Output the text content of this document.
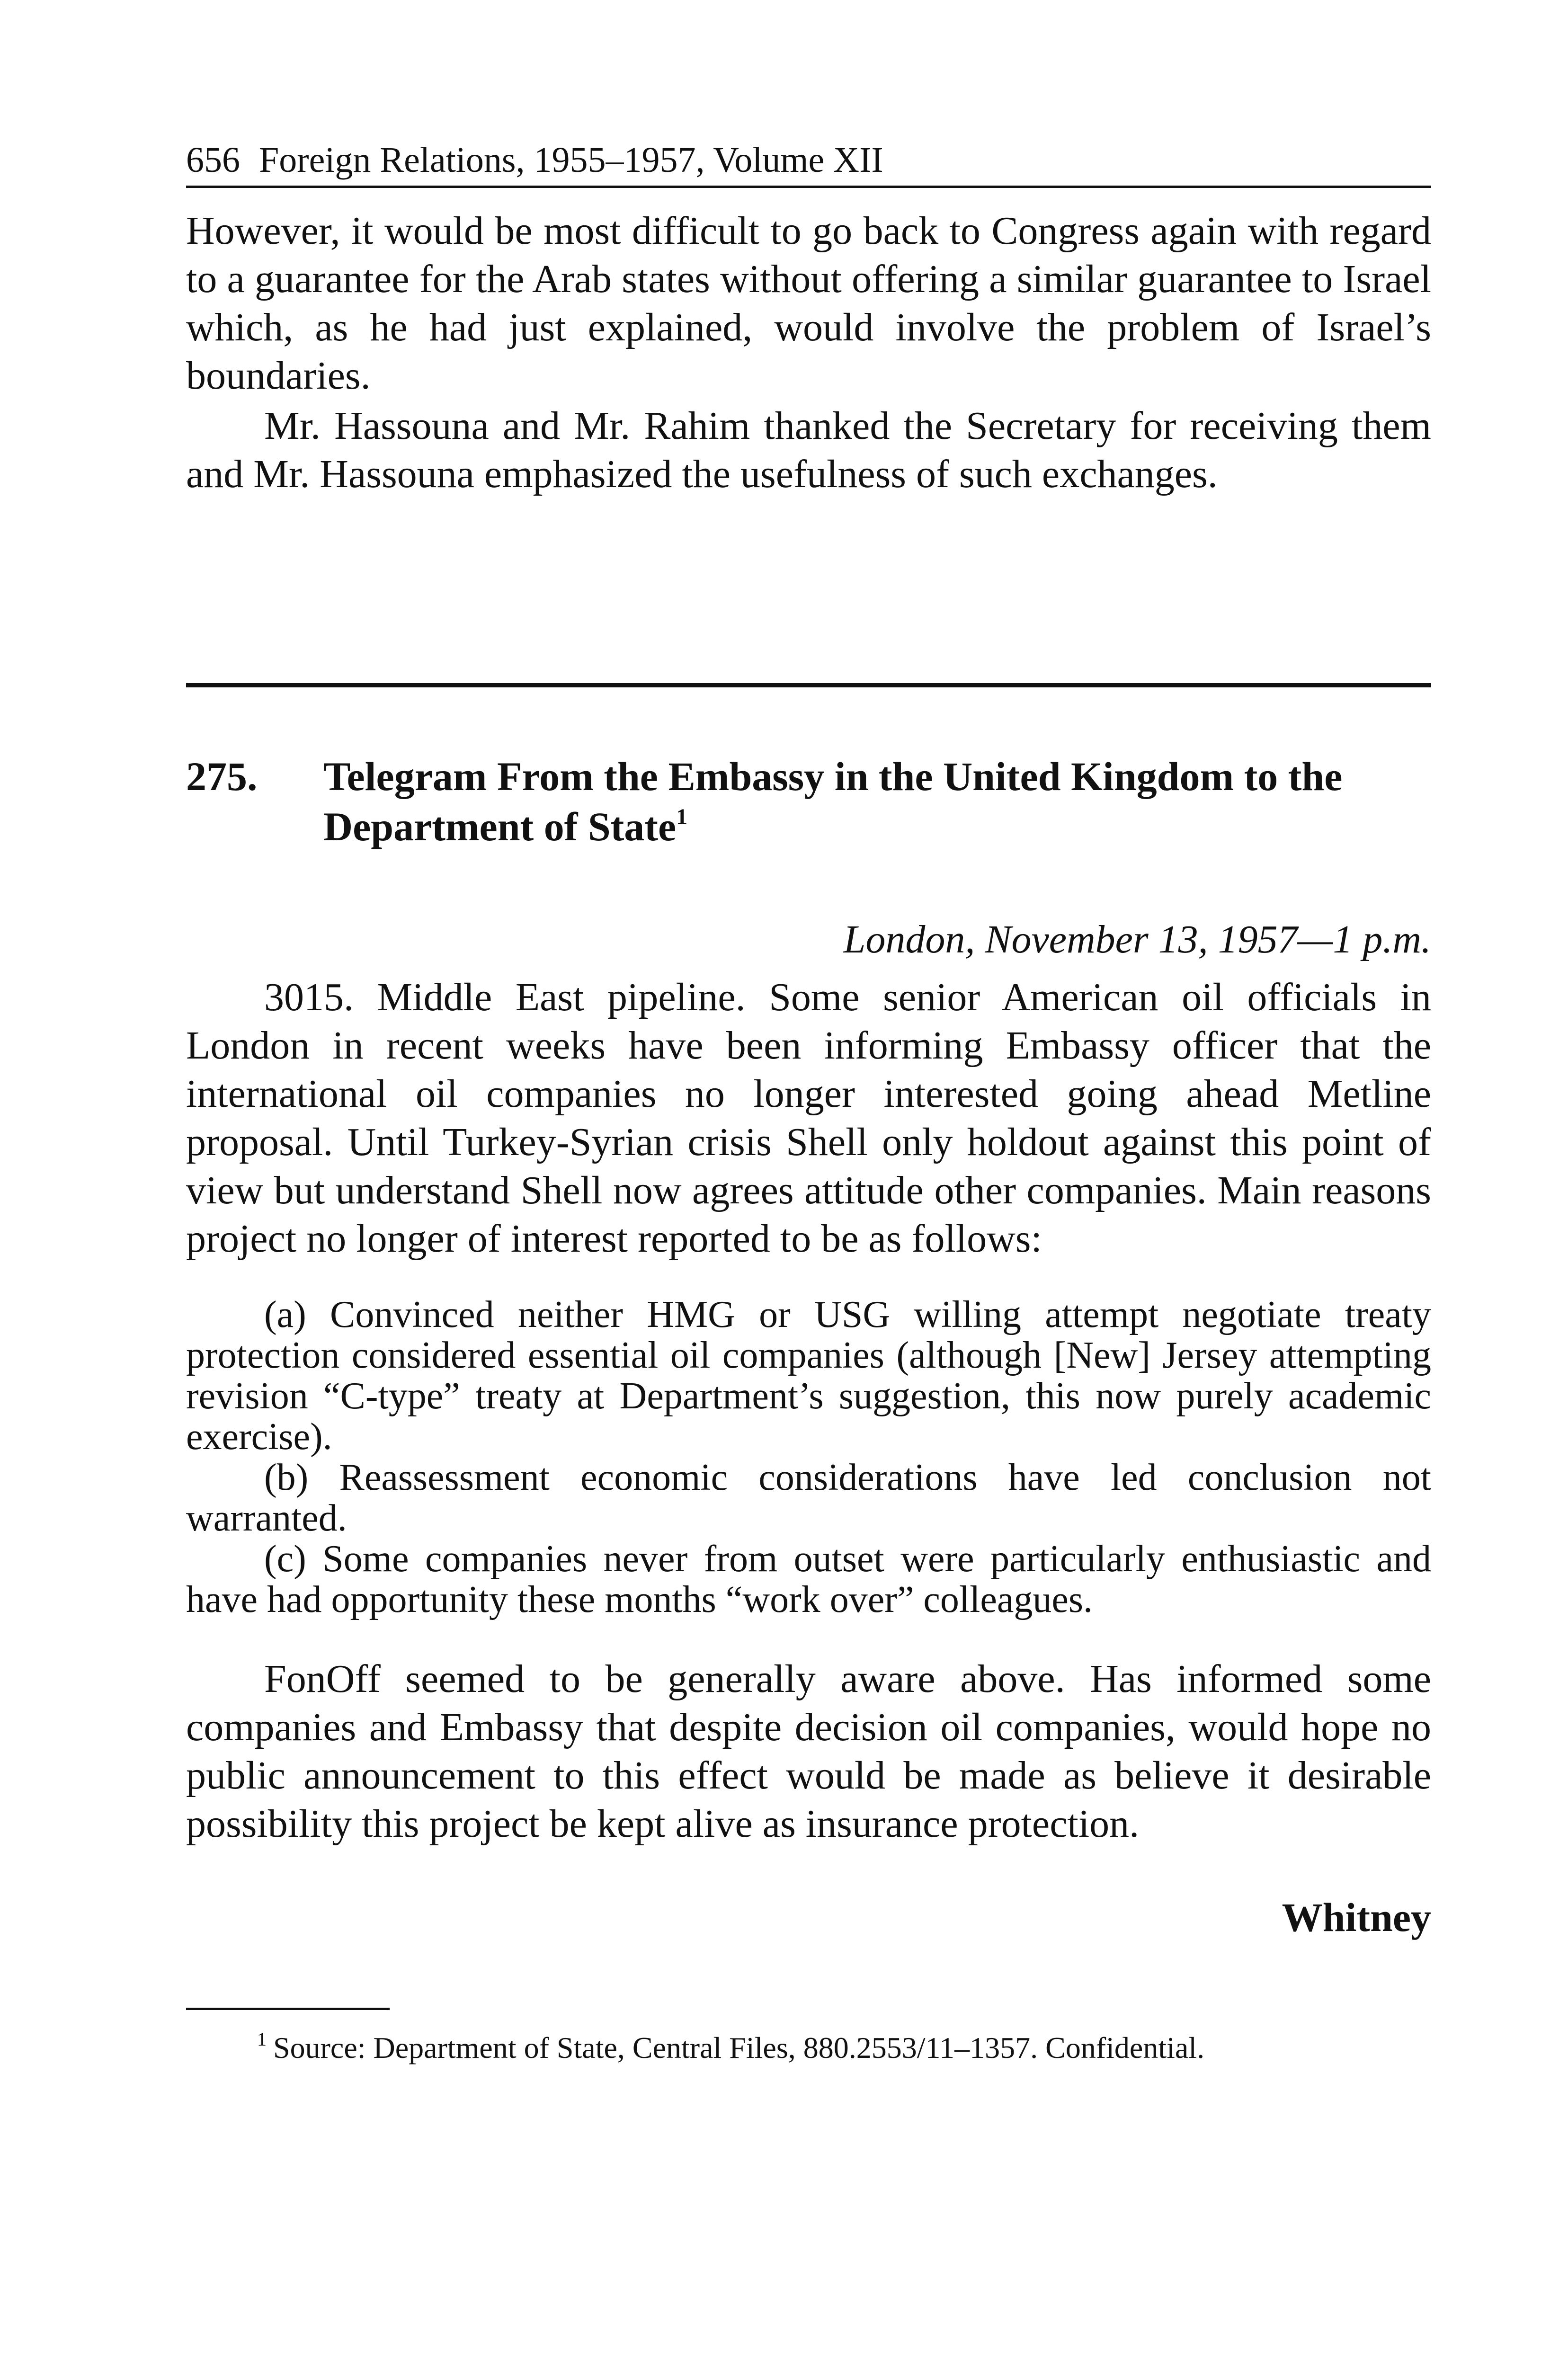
656 Foreign Relations, 1955–1957, Volume XII

However, it would be most difficult to go back to Congress again with regard to a guarantee for the Arab states without offering a similar guarantee to Israel which, as he had just explained, would involve the problem of Israel’s boundaries.

Mr. Hassouna and Mr. Rahim thanked the Secretary for receiving them and Mr. Hassouna emphasized the usefulness of such exchanges.

275.	Telegram From the Embassy in the United Kingdom to the Department of State$^1$
London, November 13, 1957—1 p.m.

3015. Middle East pipeline. Some senior American oil officials in London in recent weeks have been informing Embassy officer that the international oil companies no longer interested going ahead Metline proposal. Until Turkey-Syrian crisis Shell only holdout against this point of view but understand Shell now agrees attitude other companies. Main reasons project no longer of interest reported to be as follows:

(a) Convinced neither HMG or USG willing attempt negotiate treaty protection considered essential oil companies (although [New] Jersey attempting revision “C-type” treaty at Department’s suggestion, this now purely academic exercise).

(b) Reassessment economic considerations have led conclusion not warranted.

(c) Some companies never from outset were particularly enthusiastic and have had opportunity these months “work over” colleagues.

FonOff seemed to be generally aware above. Has informed some companies and Embassy that despite decision oil companies, would hope no public announcement to this effect would be made as believe it desirable possibility this project be kept alive as insurance protection.

Whitney
$^1$ Source: Department of State, Central Files, 880.2553/11–1357. Confidential.
